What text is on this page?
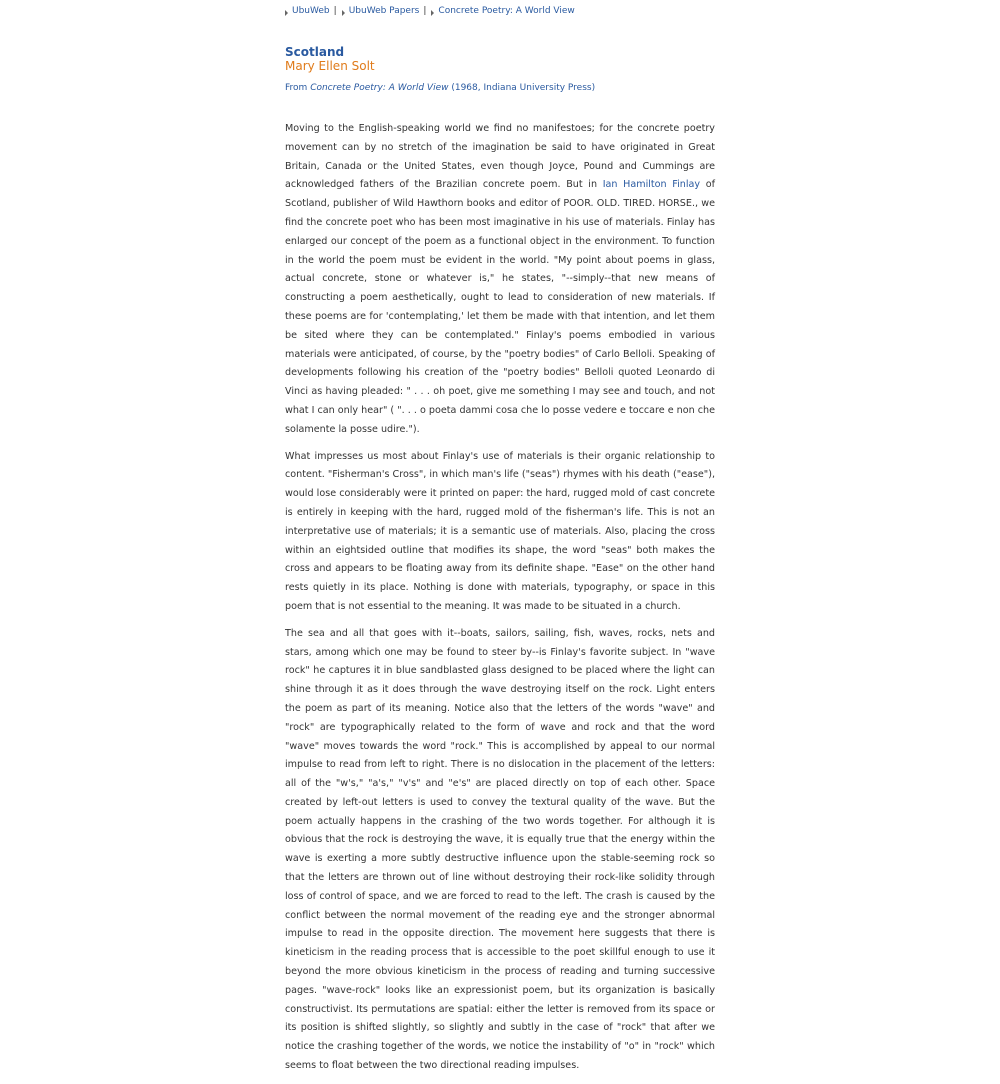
UbuWeb | UbuWeb Papers | Concrete Poetry: A World View
Scotland
Mary Ellen Solt
From Concrete Poetry: A World View (1968, Indiana University Press)

Moving to the English-speaking world we find no manifestoes; for the concrete poetry movement can by no stretch of the imagination be said to have originated in Great Britain, Canada or the United States, even though Joyce, Pound and Cummings are acknowledged fathers of the Brazilian concrete poem. But in Ian Hamilton Finlay of Scotland, publisher of Wild Hawthorn books and editor of POOR. OLD. TIRED. HORSE., we find the concrete poet who has been most imaginative in his use of materials. Finlay has enlarged our concept of the poem as a functional object in the environment. To function in the world the poem must be evident in the world. "My point about poems in glass, actual concrete, stone or whatever is," he states, "--simply--that new means of constructing a poem aesthetically, ought to lead to consideration of new materials. If these poems are for 'contemplating,' let them be made with that intention, and let them be sited where they can be contemplated." Finlay's poems embodied in various materials were anticipated, of course, by the "poetry bodies" of Carlo Belloli. Speaking of developments following his creation of the "poetry bodies" Belloli quoted Leonardo di Vinci as having pleaded: " . . . oh poet, give me something I may see and touch, and not what I can only hear" ( ". . . o poeta dammi cosa che lo posse vedere e toccare e non che solamente la posse udire.").

What impresses us most about Finlay's use of materials is their organic relationship to content. "Fisherman's Cross", in which man's life ("seas") rhymes with his death ("ease"), would lose considerably were it printed on paper: the hard, rugged mold of cast concrete is entirely in keeping with the hard, rugged mold of the fisherman's life. This is not an interpretative use of materials; it is a semantic use of materials. Also, placing the cross within an eightsided outline that modifies its shape, the word "seas" both makes the cross and appears to be floating away from its definite shape. "Ease" on the other hand rests quietly in its place. Nothing is done with materials, typography, or space in this poem that is not essential to the meaning. It was made to be situated in a church.

The sea and all that goes with it--boats, sailors, sailing, fish, waves, rocks, nets and stars, among which one may be found to steer by--is Finlay's favorite subject. In "wave rock" he captures it in blue sandblasted glass designed to be placed where the light can shine through it as it does through the wave destroying itself on the rock. Light enters the poem as part of its meaning. Notice also that the letters of the words "wave" and "rock" are typographically related to the form of wave and rock and that the word "wave" moves towards the word "rock." This is accomplished by appeal to our normal impulse to read from left to right. There is no dislocation in the placement of the letters: all of the "w's," "a's," "v's" and "e's" are placed directly on top of each other. Space created by left-out letters is used to convey the textural quality of the wave. But the poem actually happens in the crashing of the two words together. For although it is obvious that the rock is destroying the wave, it is equally true that the energy within the wave is exerting a more subtly destructive influence upon the stable-seeming rock so that the letters are thrown out of line without destroying their rock-like solidity through loss of control of space, and we are forced to read to the left. The crash is caused by the conflict between the normal movement of the reading eye and the stronger abnormal impulse to read in the opposite direction. The movement here suggests that there is kineticism in the reading process that is accessible to the poet skillful enough to use it beyond the more obvious kineticism in the process of reading and turning successive pages. "wave-rock" looks like an expressionist poem, but its organization is basically constructivist. Its permutations are spatial: either the letter is removed from its space or its position is shifted slightly, so slightly and subtly in the case of "rock" that after we notice the crashing together of the words, we notice the instability of "o" in "rock" which seems to float between the two directional reading impulses.
